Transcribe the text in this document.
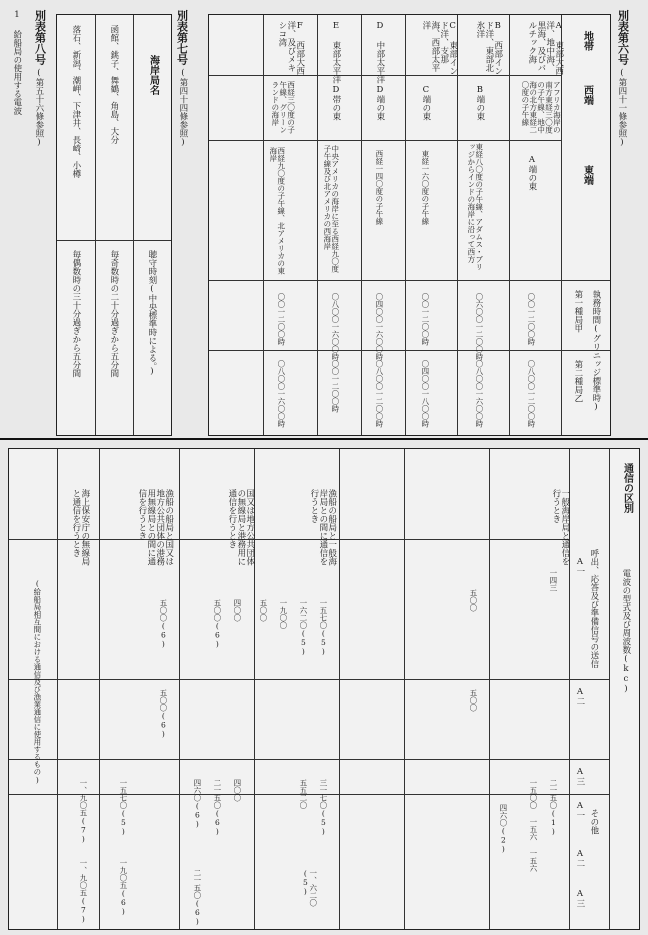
別表第六号
(第四十一條参照)
地帯
西端
東端
執務時間(グリニッジ標準時)
第一種局甲
第二種局乙
A 東部大西洋、地中海、黒海、及びバルチック海
アフリカ海岸の南方東経三〇度の子午線、地中海の北方東経二〇度の子午線
A端の東
〇〇一二〇〇時
〇八〇〇一二〇〇時
B 西部インド洋、東部北氷洋
東経八〇度の子午線、アダムス・ブリッジからインドの海岸に沿って西方
B端の東
〇六〇〇一二〇〇時
〇八〇〇一六〇〇時
C 東部インド洋、支那海、西部太平洋
東経一六〇度の子午線
C端の東
〇〇一二〇〇時
〇四〇〇一八〇〇時
D 中部太平洋
西経一四〇度の子午線
D端の東
〇四〇〇一六〇〇時
〇八〇〇一二〇〇時
E 東部太平洋
中央アメリカの海岸に至る西経九〇度子午線及び北アメリカの西海岸
D帯の東
〇八〇〇一六〇〇時
〇〇一二〇〇時
F 西部大西洋、及びメキシコ湾
西経三〇度の子午線、グリーンランドの海岸
西経九〇度の子午線、北アメリカの東海岸
〇〇一二〇〇時
〇八〇〇一六〇〇時
別表第七号
(第四十四條参照)
海岸局名
聴守時刻(中央標準時による。)
函館、銚子、舞鶴、角島、大分
毎奇数時の二十分過ぎから五分間
落石、新潟、潮岬、下津井、長崎、小樽
毎偶数時の三十分過ぎから五分間
別表第八号
(第五十六條参照)
1 給船局の使用する電波
通信の区別
電波の型式及び周波数(kc)
呼出、応答及び準備信号の送信
その他
A一
A二
A三
A一
A二
A三
一般海岸局と通信を行うとき
漁船の船局と一般海岸局との間に通信を行うとき
国又は地方公共団体の無線局と港務用に通信を行うとき
漁船の船局と国又は地方公共団体の港務用無線局との間に通信を行うとき
海上保安庁の無線局と通信を行うとき
(給船局相互間における通信及び漁業通信に使用するもの)	一四三
五〇〇
五〇〇
二一五〇(1)
一五〇〇 一五六 一五六
四六〇(2)
一五七〇(5)
一六二〇(5)
一九〇〇
五〇〇
三一七〇(5)
五五二〇
四〇〇
五〇〇(6)
四〇〇
二一五〇(6)
四六〇(6)
二一五〇(6)
五〇〇(6)
五〇〇(6)
一五七〇(5)
一九〇五(6)
一、九〇五(7)
一、九〇五(7)	一、六二〇(5)
